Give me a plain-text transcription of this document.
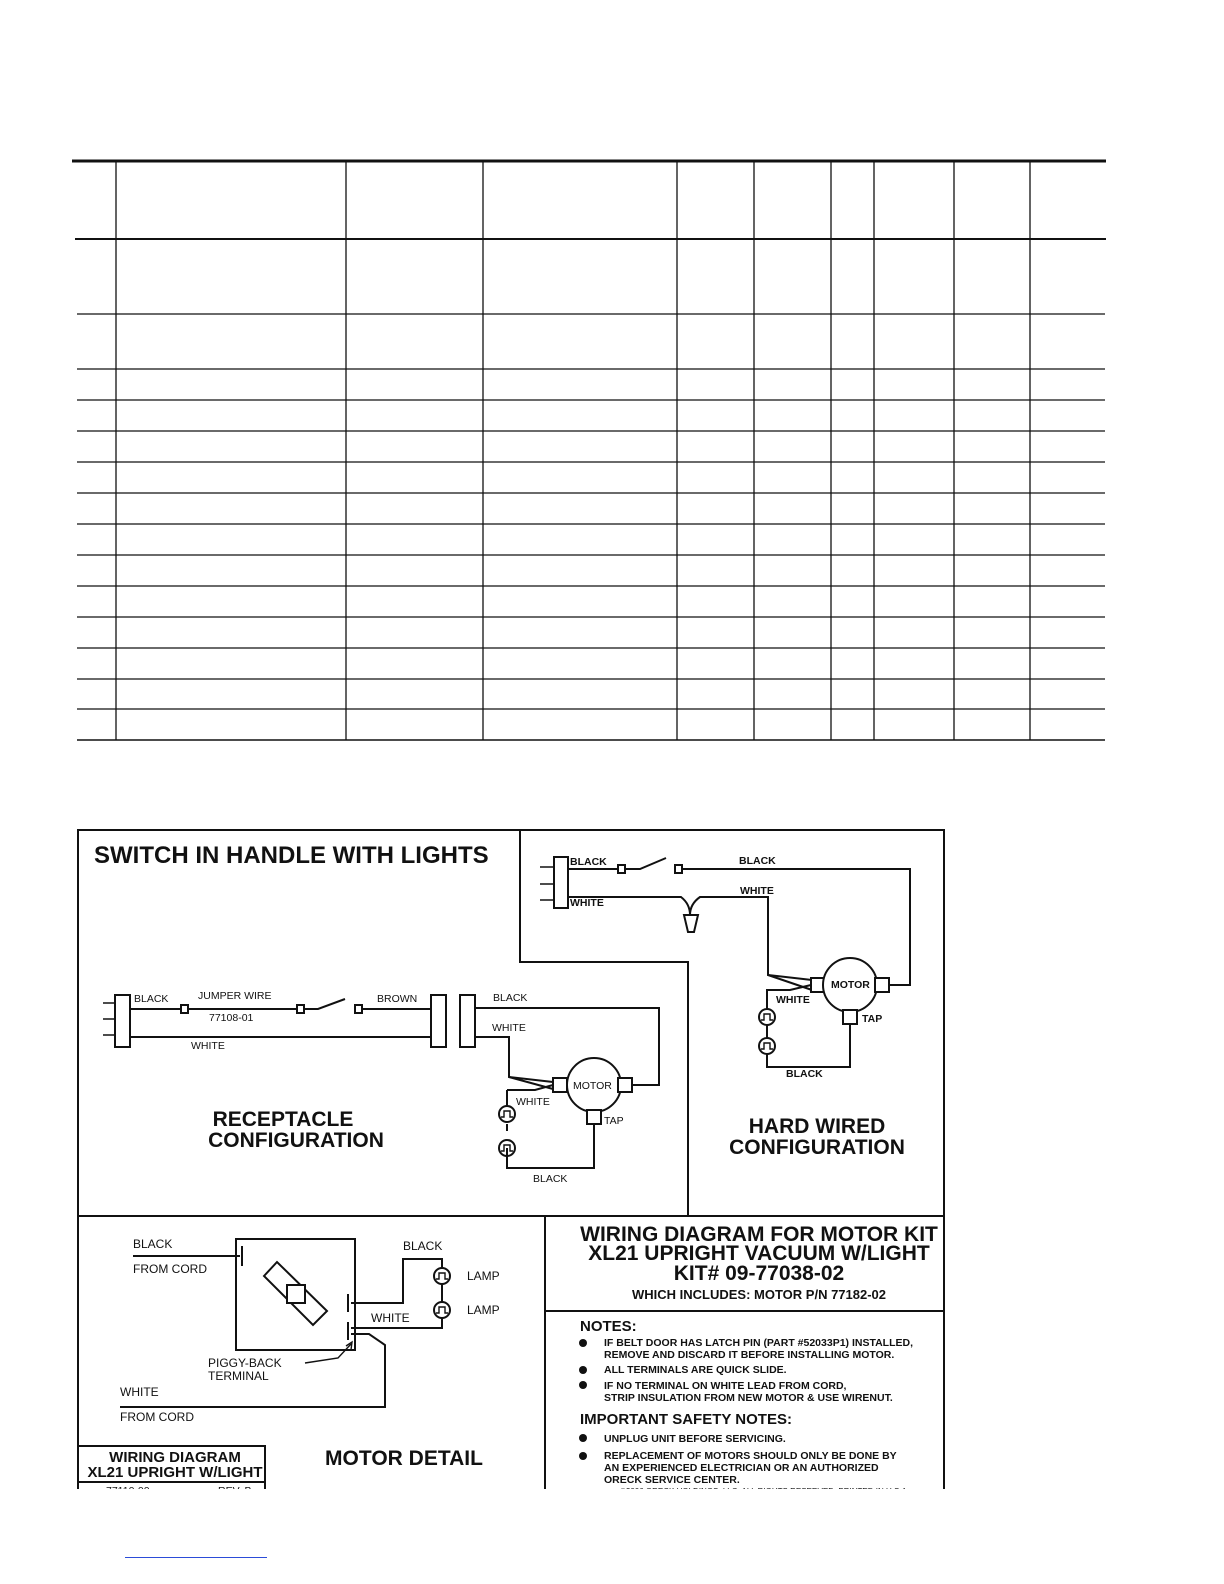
SWITCH IN HANDLE WITH LIGHTS
BLACK	JUMPER WIRE
77108-01
BROWN
WHITE
BLACK
WHITE
MOTOR
WHITE
TAP
BLACK
RECEPTACLE
CONFIGURATION
BLACK
WHITE
BLACK
WHITE
MOTOR
WHITE
TAP
BLACK
HARD WIRED
CONFIGURATION
BLACK
FROM CORD
BLACK
LAMP
LAMP
WHITE
PIGGY-BACK
TERMINAL
WHITE
FROM CORD
MOTOR DETAIL
WIRING DIAGRAM
XL21 UPRIGHT W/LIGHT
WIRING DIAGRAM FOR MOTOR KIT
XL21 UPRIGHT VACUUM W/LIGHT
KIT# 09-77038-02
WHICH INCLUDES: MOTOR P/N 77182-02
NOTES:
IF BELT DOOR HAS LATCH PIN (PART #52033P1) INSTALLED,
REMOVE AND DISCARD IT BEFORE INSTALLING MOTOR.
ALL TERMINALS ARE QUICK SLIDE.
IF NO TERMINAL ON WHITE LEAD FROM CORD,
STRIP INSULATION FROM NEW MOTOR & USE WIRENUT.
IMPORTANT SAFETY NOTES:
UNPLUG UNIT BEFORE SERVICING.
REPLACEMENT OF MOTORS SHOULD ONLY BE DONE BY
AN EXPERIENCED ELECTRICIAN OR AN AUTHORIZED
ORECK SERVICE CENTER.
